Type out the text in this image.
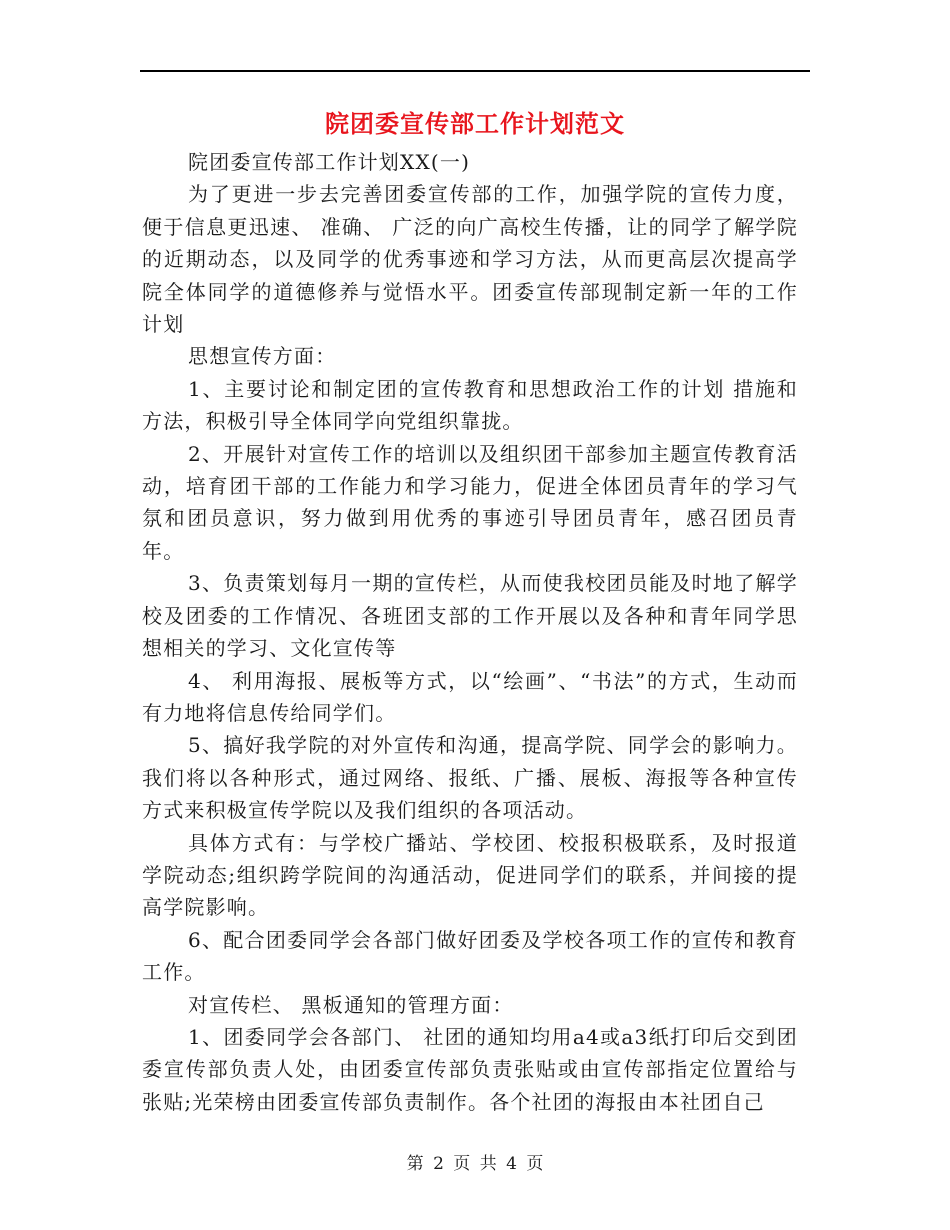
院团委宣传部工作计划范文

院团委宣传部工作计划XX(一)

为了更进一步去完善团委宣传部的工作，加强学院的宣传力度，便于信息更迅速、 准确、 广泛的向广高校生传播，让的同学了解学院的近期动态，以及同学的优秀事迹和学习方法，从而更高层次提高学院全体同学的道德修养与觉悟水平。团委宣传部现制定新一年的工作计划

思想宣传方面：

1、主要讨论和制定团的宣传教育和思想政治工作的计划 措施和方法，积极引导全体同学向党组织靠拢。

2、开展针对宣传工作的培训以及组织团干部参加主题宣传教育活动，培育团干部的工作能力和学习能力，促进全体团员青年的学习气氛和团员意识，努力做到用优秀的事迹引导团员青年，感召团员青年。

3、负责策划每月一期的宣传栏，从而使我校团员能及时地了解学校及团委的工作情况、各班团支部的工作开展以及各种和青年同学思想相关的学习、文化宣传等

4、 利用海报、展板等方式，以“绘画”、“书法”的方式，生动而有力地将信息传给同学们。

5、搞好我学院的对外宣传和沟通，提高学院、同学会的影响力。我们将以各种形式，通过网络、报纸、广播、展板、海报等各种宣传方式来积极宣传学院以及我们组织的各项活动。

具体方式有：与学校广播站、学校团、校报积极联系，及时报道学院动态;组织跨学院间的沟通活动，促进同学们的联系，并间接的提高学院影响。

6、配合团委同学会各部门做好团委及学校各项工作的宣传和教育工作。

对宣传栏、 黑板通知的管理方面：

1、团委同学会各部门、 社团的通知均用a4或a3纸打印后交到团委宣传部负责人处，由团委宣传部负责张贴或由宣传部指定位置给与张贴;光荣榜由团委宣传部负责制作。各个社团的海报由本社团自己

第 2 页 共 4 页
